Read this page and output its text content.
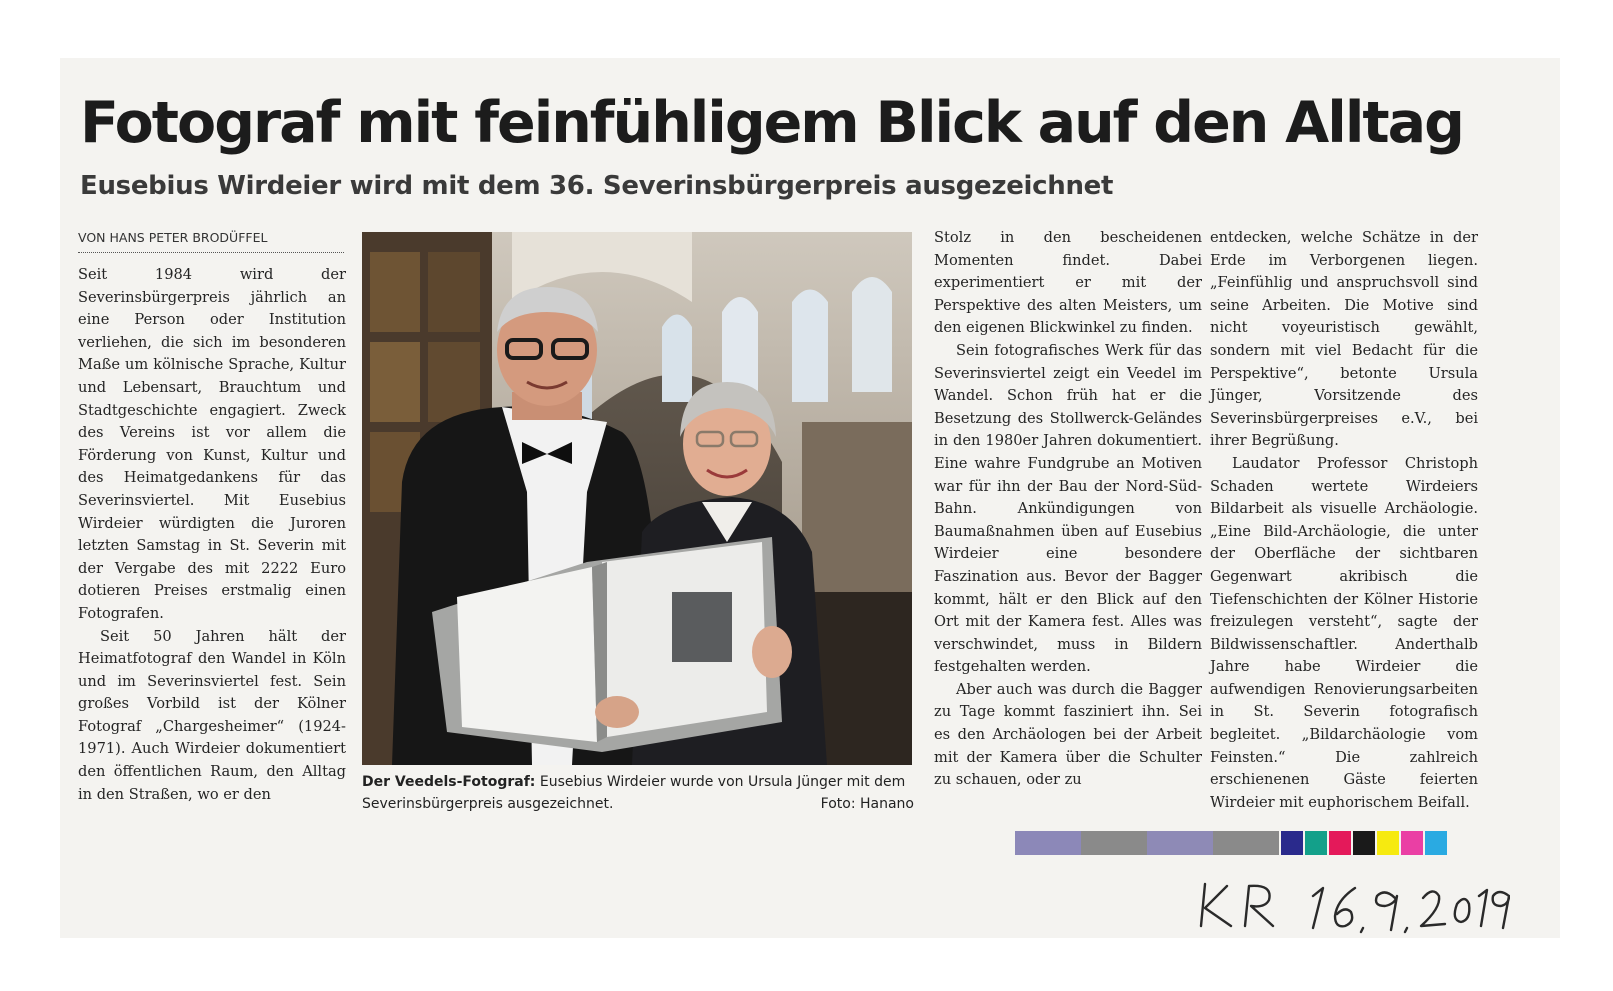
Fotograf mit feinfühligem Blick auf den Alltag
Eusebius Wirdeier wird mit dem 36. Severinsbürgerpreis ausgezeichnet
VON HANS PETER BRODÜFFEL

Seit 1984 wird der Severinsbürgerpreis jährlich an eine Person oder Institution verliehen, die sich im besonderen Maße um kölnische Sprache, Kultur und Lebensart, Brauchtum und Stadtgeschichte engagiert. Zweck des Vereins ist vor allem die Förderung von Kunst, Kultur und des Heimatgedankens für das Severinsviertel. Mit Eusebius Wirdeier würdigten die Juroren letzten Samstag in St. Severin mit der Vergabe des mit 2222 Euro dotieren Preises erstmalig einen Fotografen.

Seit 50 Jahren hält der Heimatfotograf den Wandel in Köln und im Severinsviertel fest. Sein großes Vorbild ist der Kölner Fotograf „Chargesheimer“ (1924-1971). Auch Wirdeier dokumentiert den öffentlichen Raum, den Alltag in den Straßen, wo er den

Der Veedels-Fotograf: Eusebius Wirdeier wurde von Ursula Jünger mit dem Severinsbürgerpreis ausgezeichnet.	Foto: Hanano

Stolz in den bescheidenen Momenten findet. Dabei experimentiert er mit der Perspektive des alten Meisters, um den eigenen Blickwinkel zu finden.

Sein fotografisches Werk für das Severinsviertel zeigt ein Veedel im Wandel. Schon früh hat er die Besetzung des Stollwerck-Geländes in den 1980er Jahren dokumentiert. Eine wahre Fundgrube an Motiven war für ihn der Bau der Nord-Süd-Bahn. Ankündigungen von Baumaßnahmen üben auf Eusebius Wirdeier eine besondere Faszination aus. Bevor der Bagger kommt, hält er den Blick auf den Ort mit der Kamera fest. Alles was verschwindet, muss in Bildern festgehalten werden.

Aber auch was durch die Bagger zu Tage kommt fasziniert ihn. Sei es den Archäologen bei der Arbeit mit der Kamera über die Schulter zu schauen, oder zu

entdecken, welche Schätze in der Erde im Verborgenen liegen. „Feinfühlig und anspruchsvoll sind seine Arbeiten. Die Motive sind nicht voyeuristisch gewählt, sondern mit viel Bedacht für die Perspektive“, betonte Ursula Jünger, Vorsitzende des Severinsbürgerpreises e.V., bei ihrer Begrüßung.

Laudator Professor Christoph Schaden wertete Wirdeiers Bildarbeit als visuelle Archäologie. „Eine Bild-Archäologie, die unter der Oberfläche der sichtbaren Gegenwart akribisch die Tiefenschichten der Kölner Historie freizulegen versteht“, sagte der Bildwissenschaftler. Anderthalb Jahre habe Wirdeier die aufwendigen Renovierungsarbeiten in St. Severin fotografisch begleitet. „Bildarchäologie vom Feinsten.“ Die zahlreich erschienenen Gäste feierten Wirdeier mit euphorischem Beifall.
